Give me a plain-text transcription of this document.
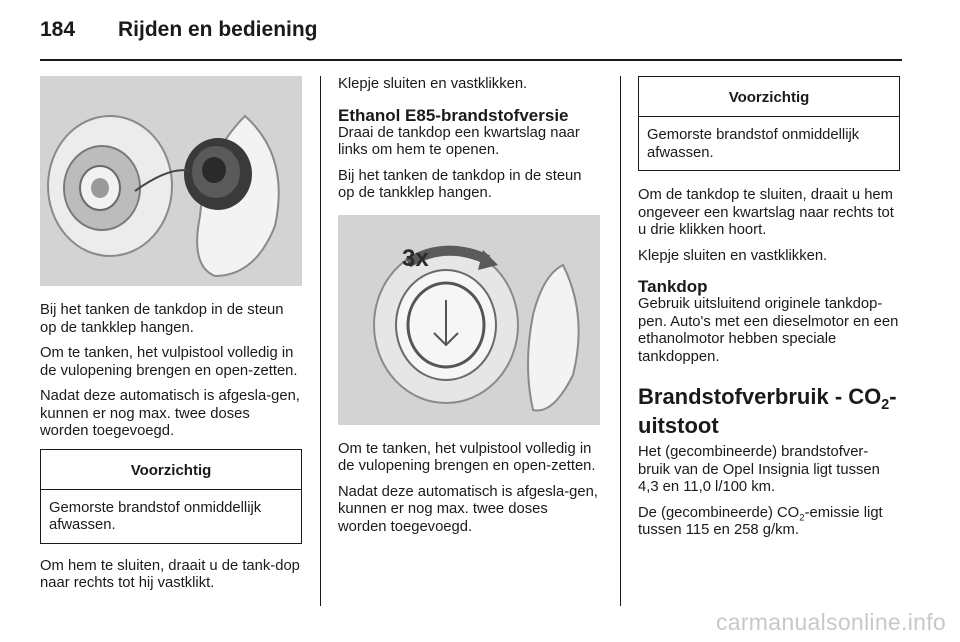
184	Rijden en bediening

Bij het tanken de tankdop in de steun op de tankklep hangen.

Om te tanken, het vulpistool volledig in de vulopening brengen en open-zetten.

Nadat deze automatisch is afgesla-gen, kunnen er nog max. twee doses worden toegevoegd.

Voorzichtig
Gemorste brandstof onmiddellijk afwassen.

Om hem te sluiten, draait u de tank-dop naar rechts tot hij vastklikt.

Klepje sluiten en vastklikken.

Ethanol E85-brandstofversie

Draai de tankdop een kwartslag naar links om hem te openen.

Bij het tanken de tankdop in de steun op de tankklep hangen.

3x

Om te tanken, het vulpistool volledig in de vulopening brengen en open-zetten.

Nadat deze automatisch is afgesla-gen, kunnen er nog max. twee doses worden toegevoegd.

Voorzichtig
Gemorste brandstof onmiddellijk afwassen.

Om de tankdop te sluiten, draait u hem ongeveer een kwartslag naar rechts tot u drie klikken hoort.

Klepje sluiten en vastklikken.

Tankdop

Gebruik uitsluitend originele tankdop-pen. Auto's met een dieselmotor en een ethanolmotor hebben speciale tankdoppen.

Brandstofverbruik - $CO_2$-uitstoot

Het (gecombineerde) brandstofver-bruik van de Opel Insignia ligt tussen 4,3 en 11,0 l/100 km.

De (gecombineerde) $CO_2$-emissie ligt tussen 115 en 258 g/km.

carmanualsonline.info
